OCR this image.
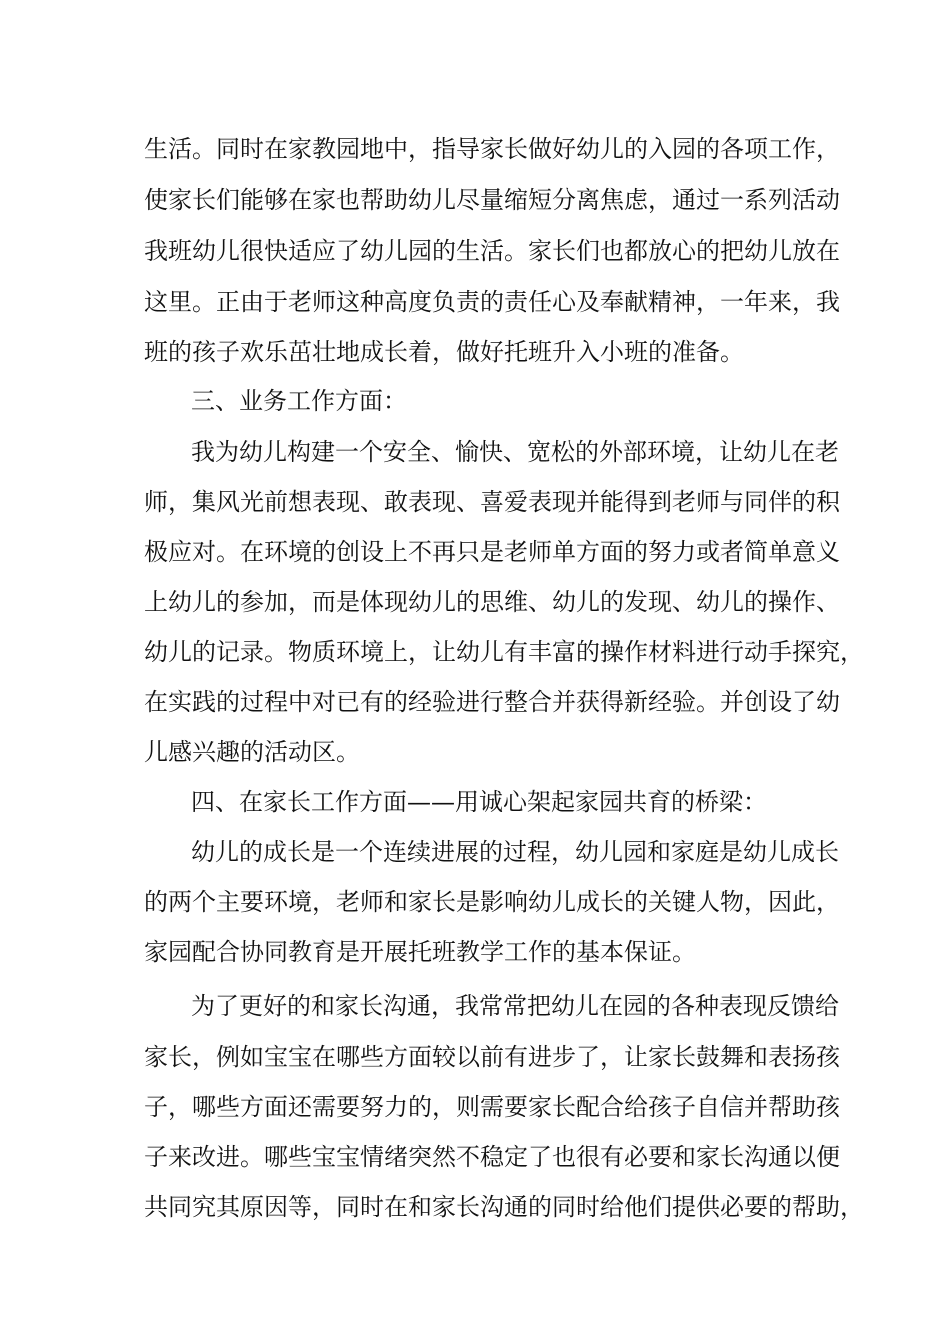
生活。同时在家教园地中，指导家长做好幼儿的入园的各项工作，
使家长们能够在家也帮助幼儿尽量缩短分离焦虑，通过一系列活动
我班幼儿很快适应了幼儿园的生活。家长们也都放心的把幼儿放在
这里。正由于老师这种高度负责的责任心及奉献精神，一年来，我
班的孩子欢乐茁壮地成长着，做好托班升入小班的准备。
三、业务工作方面：
我为幼儿构建一个安全、愉快、宽松的外部环境，让幼儿在老
师，集风光前想表现、敢表现、喜爱表现并能得到老师与同伴的积
极应对。在环境的创设上不再只是老师单方面的努力或者简单意义
上幼儿的参加，而是体现幼儿的思维、幼儿的发现、幼儿的操作、
幼儿的记录。物质环境上，让幼儿有丰富的操作材料进行动手探究，
在实践的过程中对已有的经验进行整合并获得新经验。并创设了幼
儿感兴趣的活动区。
四、在家长工作方面——用诚心架起家园共育的桥梁：
幼儿的成长是一个连续进展的过程，幼儿园和家庭是幼儿成长
的两个主要环境，老师和家长是影响幼儿成长的关键人物，因此，
家园配合协同教育是开展托班教学工作的基本保证。
为了更好的和家长沟通，我常常把幼儿在园的各种表现反馈给
家长，例如宝宝在哪些方面较以前有进步了，让家长鼓舞和表扬孩
子，哪些方面还需要努力的，则需要家长配合给孩子自信并帮助孩
子来改进。哪些宝宝情绪突然不稳定了也很有必要和家长沟通以便
共同究其原因等，同时在和家长沟通的同时给他们提供必要的帮助，
